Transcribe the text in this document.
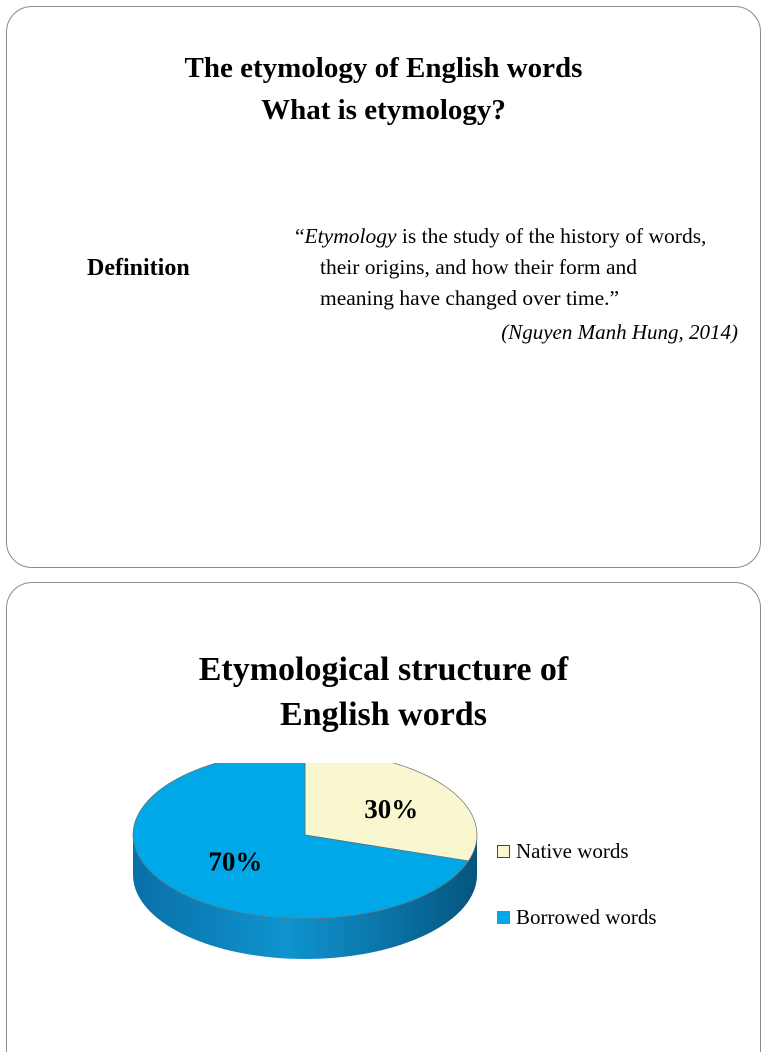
The etymology of English words
What is etymology?
Definition
“Etymology is the study of the history of words,
their origins, and how their form and
meaning have changed over time.”
(Nguyen Manh Hung, 2014)
Etymological structure of
English words
30%
70%	Native words
Borrowed words
